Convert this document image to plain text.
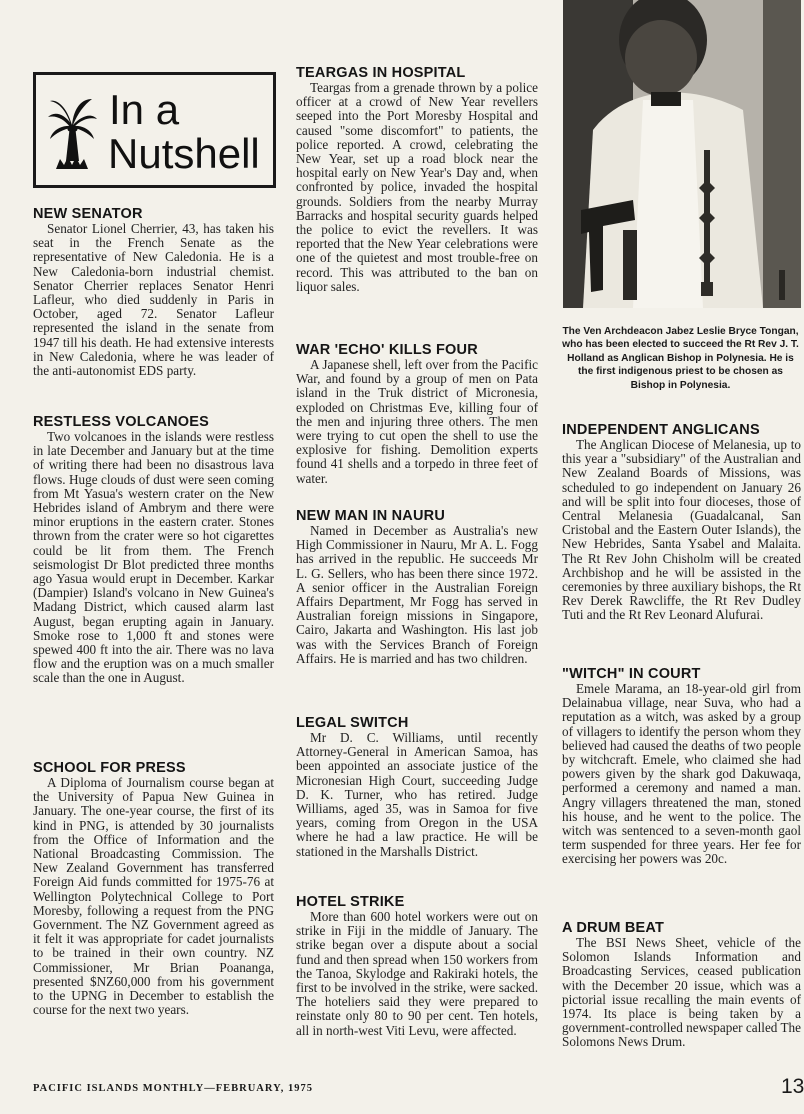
In a
Nutshell
NEW SENATOR

Senator Lionel Cherrier, 43, has taken his seat in the French Senate as the representative of New Caledonia. He is a New Caledonia-born industrial chemist. Senator Cherrier replaces Senator Henri Lafleur, who died suddenly in Paris in October, aged 72. Senator Lafleur represented the island in the senate from 1947 till his death. He had extensive interests in New Caledonia, where he was leader of the anti-autonomist EDS party.

RESTLESS VOLCANOES

Two volcanoes in the islands were restless in late December and January but at the time of writing there had been no disastrous lava flows. Huge clouds of dust were seen coming from Mt Yasua's western crater on the New Hebrides island of Ambrym and there were minor eruptions in the eastern crater. Stones thrown from the crater were so hot cigarettes could be lit from them. The French seismologist Dr Blot predicted three months ago Yasua would erupt in December. Karkar (Dampier) Island's volcano in New Guinea's Madang District, which caused alarm last August, began erupting again in January. Smoke rose to 1,000 ft and stones were spewed 400 ft into the air. There was no lava flow and the eruption was on a much smaller scale than the one in August.

SCHOOL FOR PRESS

A Diploma of Journalism course began at the University of Papua New Guinea in January. The one-year course, the first of its kind in PNG, is attended by 30 journalists from the Office of Information and the National Broadcasting Commission. The New Zealand Government has transferred Foreign Aid funds committed for 1975-76 at Wellington Polytechnical College to Port Moresby, following a request from the PNG Government. The NZ Government agreed as it felt it was appropriate for cadet journalists to be trained in their own country. NZ Commissioner, Mr Brian Poananga, presented $NZ60,000 from his government to the UPNG in December to establish the course for the next two years.

TEARGAS IN HOSPITAL

Teargas from a grenade thrown by a police officer at a crowd of New Year revellers seeped into the Port Moresby Hospital and caused "some discomfort" to patients, the police reported. A crowd, celebrating the New Year, set up a road block near the hospital early on New Year's Day and, when confronted by police, invaded the hospital grounds. Soldiers from the nearby Murray Barracks and hospital security guards helped the police to evict the revellers. It was reported that the New Year celebrations were one of the quietest and most trouble-free on record. This was attributed to the ban on liquor sales.

WAR 'ECHO' KILLS FOUR

A Japanese shell, left over from the Pacific War, and found by a group of men on Pata island in the Truk district of Micronesia, exploded on Christmas Eve, killing four of the men and injuring three others. The men were trying to cut open the shell to use the explosive for fishing. Demolition experts found 41 shells and a torpedo in three feet of water.

NEW MAN IN NAURU

Named in December as Australia's new High Commissioner in Nauru, Mr A. L. Fogg has arrived in the republic. He succeeds Mr L. G. Sellers, who has been there since 1972. A senior officer in the Australian Foreign Affairs Department, Mr Fogg has served in Australian foreign missions in Singapore, Cairo, Jakarta and Washington. His last job was with the Services Branch of Foreign Affairs. He is married and has two children.

LEGAL SWITCH

Mr D. C. Williams, until recently Attorney-General in American Samoa, has been appointed an associate justice of the Micronesian High Court, succeeding Judge D. K. Turner, who has retired. Judge Williams, aged 35, was in Samoa for five years, coming from Oregon in the USA where he had a law practice. He will be stationed in the Marshalls District.

HOTEL STRIKE

More than 600 hotel workers were out on strike in Fiji in the middle of January. The strike began over a dispute about a social fund and then spread when 150 workers from the Tanoa, Skylodge and Rakiraki hotels, the first to be involved in the strike, were sacked. The hoteliers said they were prepared to reinstate only 80 to 90 per cent. Ten hotels, all in north-west Viti Levu, were affected.

The Ven Archdeacon Jabez Leslie Bryce Tongan, who has been elected to succeed the Rt Rev J. T. Holland as Anglican Bishop in Polynesia. He is the first indigenous priest to be chosen as Bishop in Polynesia.
INDEPENDENT ANGLICANS

The Anglican Diocese of Melanesia, up to this year a "subsidiary" of the Australian and New Zealand Boards of Missions, was scheduled to go independent on January 26 and will be split into four dioceses, those of Central Melanesia (Guadalcanal, San Cristobal and the Eastern Outer Islands), the New Hebrides, Santa Ysabel and Malaita. The Rt Rev John Chisholm will be created Archbishop and he will be assisted in the ceremonies by three auxiliary bishops, the Rt Rev Derek Rawcliffe, the Rt Rev Dudley Tuti and the Rt Rev Leonard Alufurai.

"WITCH" IN COURT

Emele Marama, an 18-year-old girl from Delainabua village, near Suva, who had a reputation as a witch, was asked by a group of villagers to identify the person whom they believed had caused the deaths of two people by witchcraft. Emele, who claimed she had powers given by the shark god Dakuwaqa, performed a ceremony and named a man. Angry villagers threatened the man, stoned his house, and he went to the police. The witch was sentenced to a seven-month gaol term suspended for three years. Her fee for exercising her powers was 20c.

A DRUM BEAT

The BSI News Sheet, vehicle of the Solomon Islands Information and Broadcasting Services, ceased publication with the December 20 issue, which was a pictorial issue recalling the main events of 1974. Its place is being taken by a government-controlled newspaper called The Solomons News Drum.

PACIFIC ISLANDS MONTHLY—FEBRUARY, 1975	13
